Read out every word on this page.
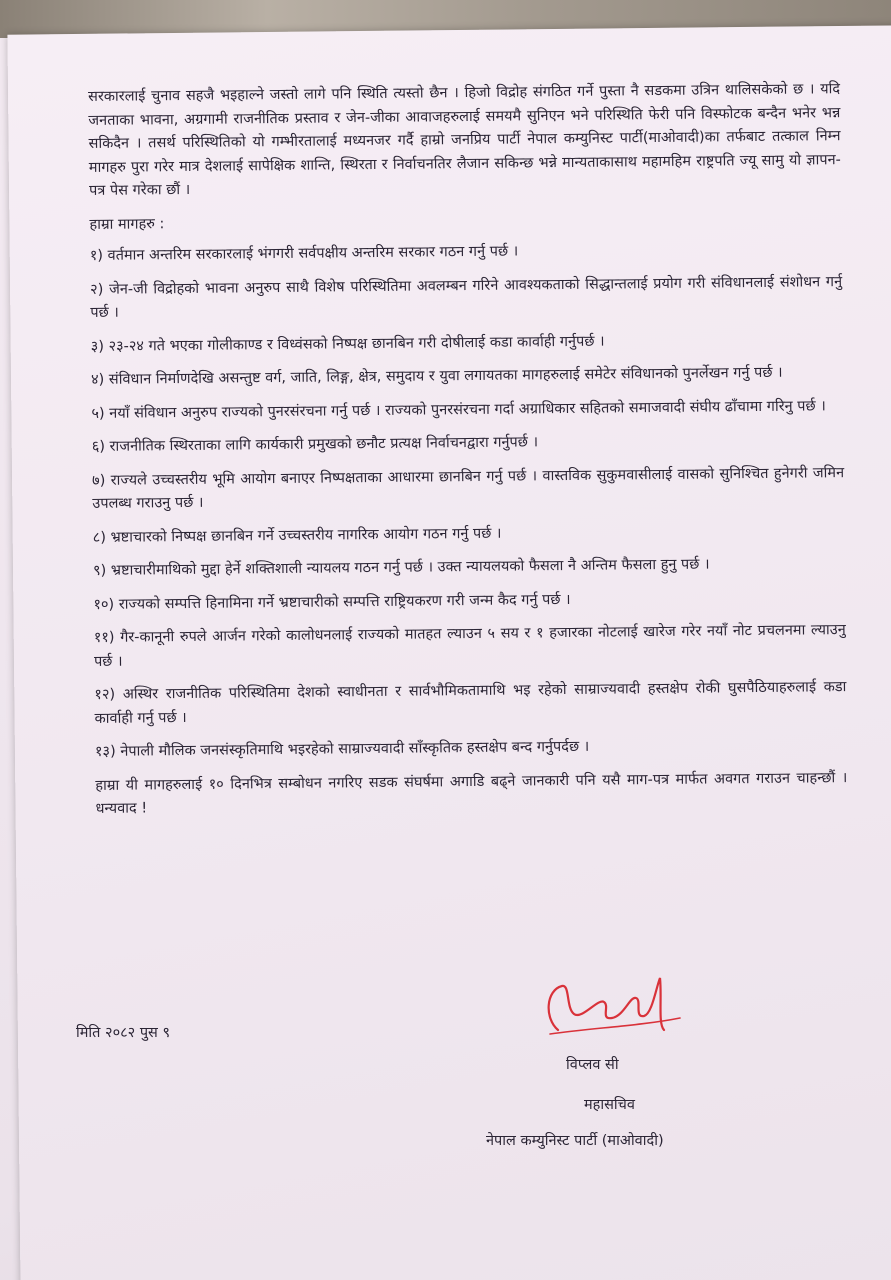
सरकारलाई चुनाव सहजै भइहाल्ने जस्तो लागे पनि स्थिति त्यस्तो छैन । हिजो विद्रोह संगठित गर्ने पुस्ता नै सडकमा उत्रिन थालिसकेको छ । यदि जनताका भावना, अग्रगामी राजनीतिक प्रस्ताव र जेन-जीका आवाजहरुलाई समयमै सुनिएन भने परिस्थिति फेरी पनि विस्फोटक बन्दैन भनेर भन्न सकिदैन । तसर्थ परिस्थितिको यो गम्भीरतालाई मध्यनजर गर्दै हाम्रो जनप्रिय पार्टी नेपाल कम्युनिस्ट पार्टी(माओवादी)का तर्फबाट तत्काल निम्न मागहरु पुरा गरेर मात्र देशलाई सापेक्षिक शान्ति, स्थिरता र निर्वाचनतिर लैजान सकिन्छ भन्ने मान्यताकासाथ महामहिम राष्ट्रपति ज्यू सामु यो ज्ञापन-पत्र पेस गरेका छौं ।

हाम्रा मागहरु :

१) वर्तमान अन्तरिम सरकारलाई भंगगरी सर्वपक्षीय अन्तरिम सरकार गठन गर्नु पर्छ ।

२) जेन-जी विद्रोहको भावना अनुरुप साथै विशेष परिस्थितिमा अवलम्बन गरिने आवश्यकताको सिद्धान्तलाई प्रयोग गरी संविधानलाई संशोधन गर्नु पर्छ ।

३) २३-२४ गते भएका गोलीकाण्ड र विध्वंसको निष्पक्ष छानबिन गरी दोषीलाई कडा कार्वाही गर्नुपर्छ ।

४) संविधान निर्माणदेखि असन्तुष्ट वर्ग, जाति, लिङ्ग, क्षेत्र, समुदाय र युवा लगायतका मागहरुलाई समेटेर संविधानको पुनर्लेखन गर्नु पर्छ ।

५) नयाँ संविधान अनुरुप राज्यको पुनरसंरचना गर्नु पर्छ । राज्यको पुनरसंरचना गर्दा अग्राधिकार सहितको समाजवादी संघीय ढाँचामा गरिनु पर्छ ।

६) राजनीतिक स्थिरताका लागि कार्यकारी प्रमुखको छनौट प्रत्यक्ष निर्वाचनद्वारा गर्नुपर्छ ।

७) राज्यले उच्चस्तरीय भूमि आयोग बनाएर निष्पक्षताका आधारमा छानबिन गर्नु पर्छ । वास्तविक सुकुमवासीलाई वासको सुनिश्चित हुनेगरी जमिन उपलब्ध गराउनु पर्छ ।

८) भ्रष्टाचारको निष्पक्ष छानबिन गर्ने उच्चस्तरीय नागरिक आयोग गठन गर्नु पर्छ ।

९) भ्रष्टाचारीमाथिको मुद्दा हेर्ने शक्तिशाली न्यायलय गठन गर्नु पर्छ । उक्त न्यायलयको फैसला नै अन्तिम फैसला हुनु पर्छ ।

१०) राज्यको सम्पत्ति हिनामिना गर्ने भ्रष्टाचारीको सम्पत्ति राष्ट्रियकरण गरी जन्म कैद गर्नु पर्छ ।

११) गैर-कानूनी रुपले आर्जन गरेको कालोधनलाई राज्यको मातहत ल्याउन ५ सय र १ हजारका नोटलाई खारेज गरेर नयाँ नोट प्रचलनमा ल्याउनु पर्छ ।

१२) अस्थिर राजनीतिक परिस्थितिमा देशको स्वाधीनता र सार्वभौमिकतामाथि भइ रहेको साम्राज्यवादी हस्तक्षेप रोकी घुसपैठियाहरुलाई कडा कार्वाही गर्नु पर्छ ।

१३) नेपाली मौलिक जनसंस्कृतिमाथि भइरहेको साम्राज्यवादी साँस्कृतिक हस्तक्षेप बन्द गर्नुपर्दछ ।

हाम्रा यी मागहरुलाई १० दिनभित्र सम्बोधन नगरिए सडक संघर्षमा अगाडि बढ्ने जानकारी पनि यसै माग-पत्र मार्फत अवगत गराउन चाहन्छौं । धन्यवाद !

मिति २०८२ पुस ९
विप्लव सी
महासचिव
नेपाल कम्युनिस्ट पार्टी (माओवादी)
